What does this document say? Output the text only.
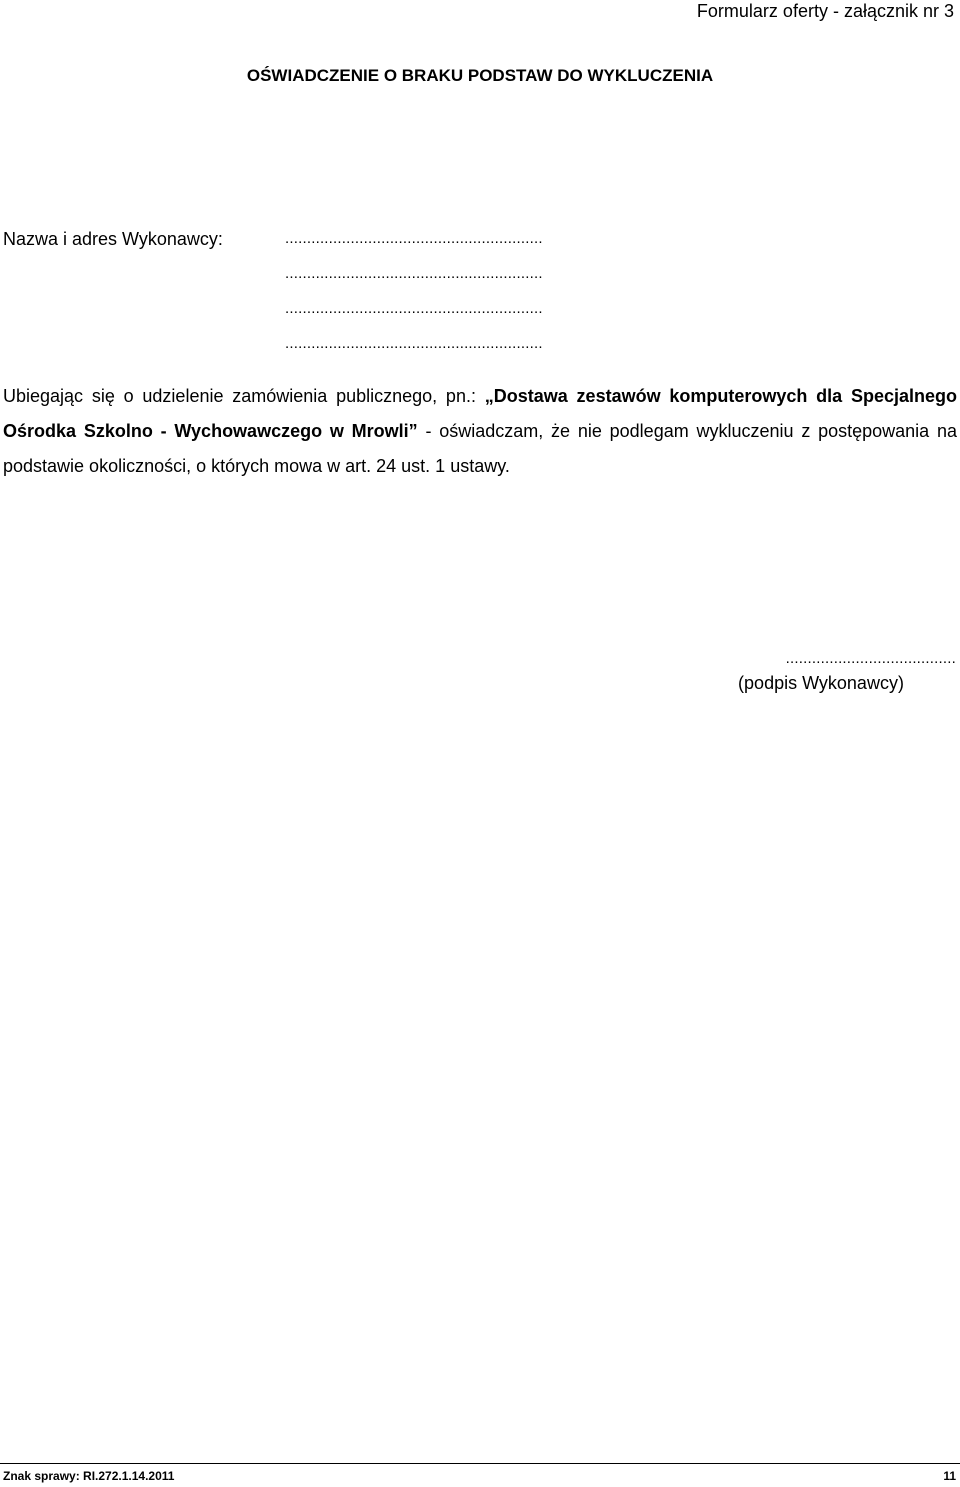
Formularz oferty - załącznik nr 3
OŚWIADCZENIE O BRAKU PODSTAW DO WYKLUCZENIA
Nazwa i adres Wykonawcy:	...........................................................
...........................................................
...........................................................
...........................................................

Ubiegając się o udzielenie zamówienia publicznego, pn.: „Dostawa zestawów komputerowych dla Specjalnego Ośrodka Szkolno - Wychowawczego w Mrowli” - oświadczam, że nie podlegam wykluczeniu z postępowania na podstawie okoliczności, o których mowa w art. 24 ust. 1 ustawy.

.......................................
(podpis Wykonawcy)
Znak sprawy: RI.272.1.14.2011	11
